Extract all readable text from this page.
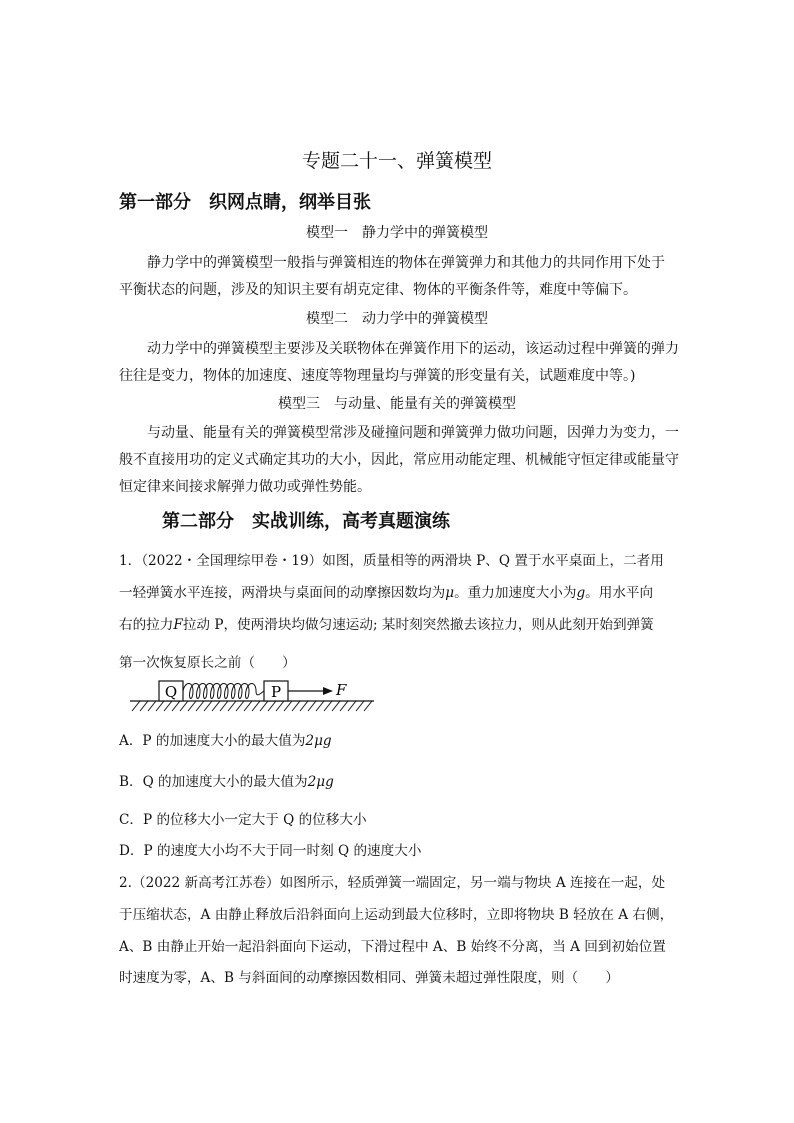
专题二十一、弹簧模型
第一部分　织网点睛，纲举目张
模型一　静力学中的弹簧模型
静力学中的弹簧模型一般指与弹簧相连的物体在弹簧弹力和其他力的共同作用下处于
平衡状态的问题，涉及的知识主要有胡克定律、物体的平衡条件等，难度中等偏下。
模型二　动力学中的弹簧模型
动力学中的弹簧模型主要涉及关联物体在弹簧作用下的运动，该运动过程中弹簧的弹力
往往是变力，物体的加速度、速度等物理量均与弹簧的形变量有关，试题难度中等。)
模型三　与动量、能量有关的弹簧模型
与动量、能量有关的弹簧模型常涉及碰撞问题和弹簧弹力做功问题，因弹力为变力，一
般不直接用功的定义式确定其功的大小，因此，常应用动能定理、机械能守恒定律或能量守
恒定律来间接求解弹力做功或弹性势能。
第二部分　实战训练，高考真题演练
1．（2022・全国理综甲卷・19）如图，质量相等的两滑块 P、Q 置于水平桌面上，二者用
一轻弹簧水平连接，两滑块与桌面间的动摩擦因数均为μ。重力加速度大小为g。用水平向
右的拉力F拉动 P，使两滑块均做匀速运动; 某时刻突然撤去该拉力，则从此刻开始到弹簧
第一次恢复原长之前（　　）
Q	P	F
A．P 的加速度大小的最大值为2μg
B．Q 的加速度大小的最大值为2μg
C．P 的位移大小一定大于 Q 的位移大小
D．P 的速度大小均不大于同一时刻 Q 的速度大小
2.（2022 新高考江苏卷）如图所示，轻质弹簧一端固定，另一端与物块 A 连接在一起，处
于压缩状态，A 由静止释放后沿斜面向上运动到最大位移时，立即将物块 B 轻放在 A 右侧，
A、B 由静止开始一起沿斜面向下运动，下滑过程中 A、B 始终不分离，当 A 回到初始位置
时速度为零，A、B 与斜面间的动摩擦因数相同、弹簧未超过弹性限度，则（　　）
